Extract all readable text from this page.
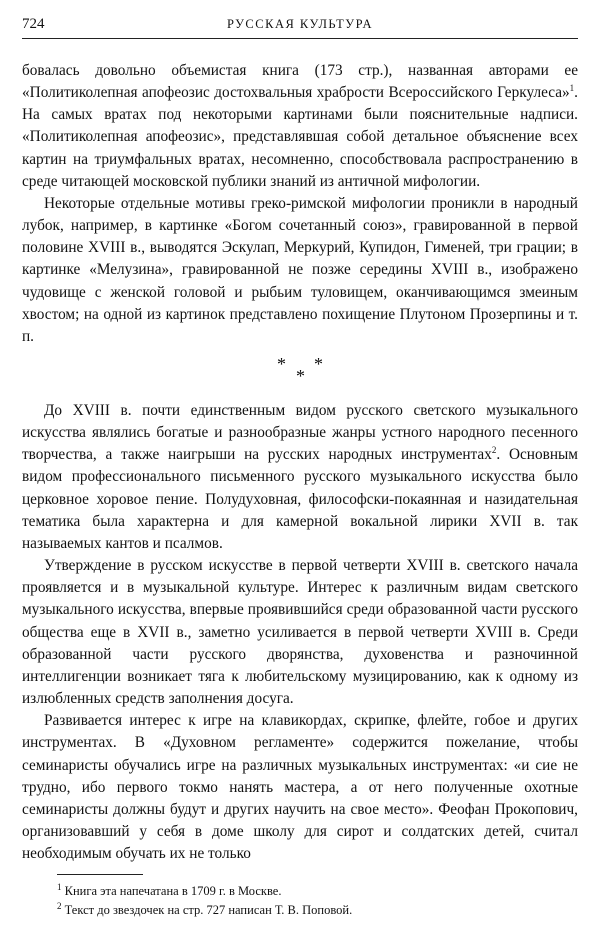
724	РУССКАЯ КУЛЬТУРА

бовалась довольно объемистая книга (173 стр.), названная авторами ее «Политиколепная апофеозис достохвальныя храбрости Всероссийского Геркулеса»$^1$. На самых вратах под некоторыми картинами были пояснительные надписи. «Политиколепная апофеозис», представлявшая собой детальное объяснение всех картин на триумфальных вратах, несомненно, способствовала распространению в среде читающей московской публики знаний из античной мифологии.

Некоторые отдельные мотивы греко-римской мифологии проникли в народный лубок, например, в картинке «Богом сочетанный союз», гравированной в первой половине XVIII в., выводятся Эскулап, Меркурий, Купидон, Гименей, три грации; в картинке «Мелузина», гравированной не позже середины XVIII в., изображено чудовище с женской головой и рыбьим туловищем, оканчивающимся змеиным хвостом; на одной из картинок представлено похищение Плутоном Прозерпины и т. п.

* *
*

До XVIII в. почти единственным видом русского светского музыкального искусства являлись богатые и разнообразные жанры устного народного песенного творчества, а также наигрыши на русских народных инструментах$^2$. Основным видом профессионального письменного русского музыкального искусства было церковное хоровое пение. Полудуховная, философски-покаянная и назидательная тематика была характерна и для камерной вокальной лирики XVII в. так называемых кантов и псалмов.

Утверждение в русском искусстве в первой четверти XVIII в. светского начала проявляется и в музыкальной культуре. Интерес к различным видам светского музыкального искусства, впервые проявившийся среди образованной части русского общества еще в XVII в., заметно усиливается в первой четверти XVIII в. Среди образованной части русского дворянства, духовенства и разночинной интеллигенции возникает тяга к любительскому музицированию, как к одному из излюбленных средств заполнения досуга.

Развивается интерес к игре на клавикордах, скрипке, флейте, гобое и других инструментах. В «Духовном регламенте» содержится пожелание, чтобы семинаристы обучались игре на различных музыкальных инструментах: «и сие не трудно, ибо первого токмо нанять мастера, а от него полученные охотные семинаристы должны будут и других научить на свое место». Феофан Прокопович, организовавший у себя в доме школу для сирот и солдатских детей, считал необходимым обучать их не только

$^1$ Книга эта напечатана в 1709 г. в Москве.
$^2$ Текст до звездочек на стр. 727 написан Т. В. Поповой.
